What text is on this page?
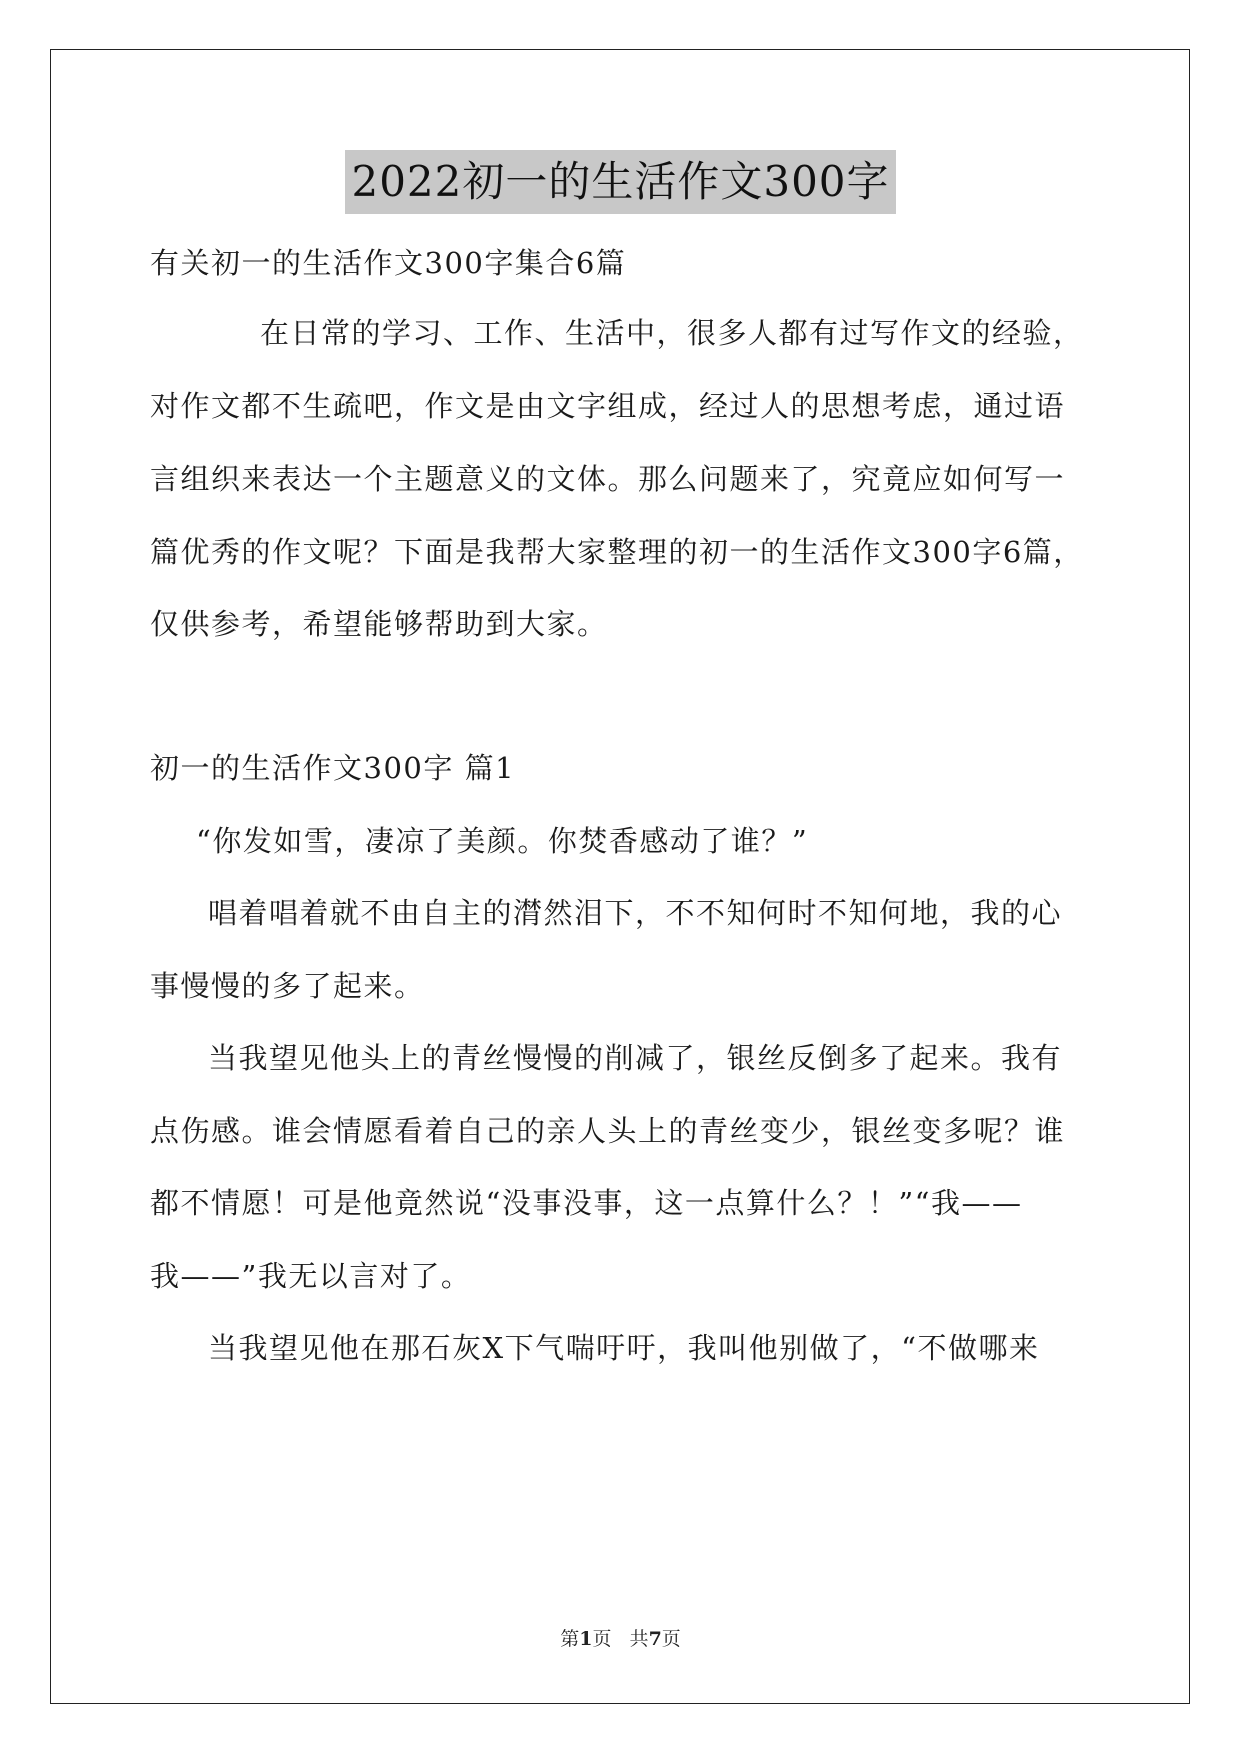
2022初一的生活作文300字
有关初一的生活作文300字集合6篇
在日常的学习、工作、生活中，很多人都有过写作文的经验，
对作文都不生疏吧，作文是由文字组成，经过人的思想考虑，通过语
言组织来表达一个主题意义的文体。那么问题来了，究竟应如何写一
篇优秀的作文呢？下面是我帮大家整理的初一的生活作文300字6篇，
仅供参考，希望能够帮助到大家。
初一的生活作文300字 篇1
“你发如雪，凄凉了美颜。你焚香感动了谁？”
唱着唱着就不由自主的潸然泪下，不不知何时不知何地，我的心
事慢慢的多了起来。
当我望见他头上的青丝慢慢的削减了，银丝反倒多了起来。我有
点伤感。谁会情愿看着自己的亲人头上的青丝变少，银丝变多呢？谁
都不情愿！可是他竟然说“没事没事，这一点算什么？！”“我——
我——”我无以言对了。
当我望见他在那石灰X下气喘吁吁，我叫他别做了，“不做哪来
第1页   共7页
